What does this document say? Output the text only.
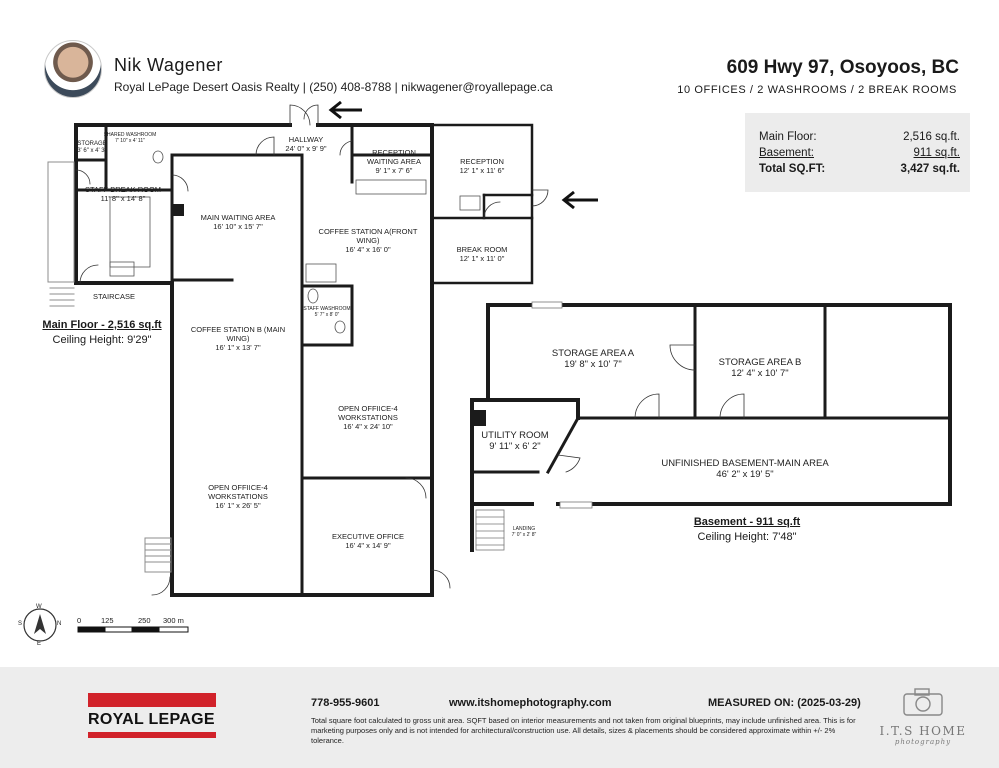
Nik Wagener
Royal LePage Desert Oasis Realty | (250) 408-8788 | nikwagener@royallepage.ca
609 Hwy 97, Osoyoos, BC
10 OFFICES / 2 WASHROOMS / 2 BREAK ROOMS
Main Floor:	2,516 sq.ft.
Basement:	911 sq.ft.
Total SQ.FT:	3,427 sq.ft.
W
N
E
S	0	125	250 300 m
STORAGE
3' 6" x 4' 3"
SHARED WASHROOM
7' 10" x 4' 11"	HALLWAY
24' 0" x 9' 9"	RECEPTION WAITING AREA
9' 1" x 7' 6"
RECEPTION
12' 1" x 11' 6"
STAFF BREAK ROOM
11' 8" x 14' 8"
MAIN WAITING AREA
16' 10" x 15' 7"
COFFEE STATION A(FRONT WING)
16' 4" x 16' 0"	BREAK ROOM
12' 1" x 11' 0"
STAIRCASE
STAFF WASHROOM
5' 7" x 8' 0"
COFFEE STATION B (MAIN WING)
16' 1" x 13' 7"
OPEN OFFIICE-4 WORKSTATIONS
16' 4" x 24' 10"
OPEN OFFIICE-4 WORKSTATIONS
16' 1" x 26' 5"
EXECUTIVE OFFICE
16' 4" x 14' 9"
Main Floor - 2,516 sq.ft
Ceiling Height: 9'29"
STORAGE AREA A
19' 8" x 10' 7"	STORAGE AREA B
12' 4" x 10' 7"
UTILITY ROOM
9' 11" x 6' 2"
UNFINISHED BASEMENT-MAIN AREA
46' 2" x 19' 5"
LANDING
7' 0" x 2' 8"
Basement - 911 sq.ft
Ceiling Height: 7'48"
ROYAL LEPAGE
778-955-9601	www.itshomephotography.com	MEASURED ON: (2025-03-29)
Total square foot calculated to gross unit area. SQFT based on interior measurements and not taken from original blueprints, may include unfinished area. This is for marketing purposes only and is not intended for architectural/construction use. All details, sizes & placements should be considered approximate within +/- 2% tolerance.
I.T.S HOME
photography
